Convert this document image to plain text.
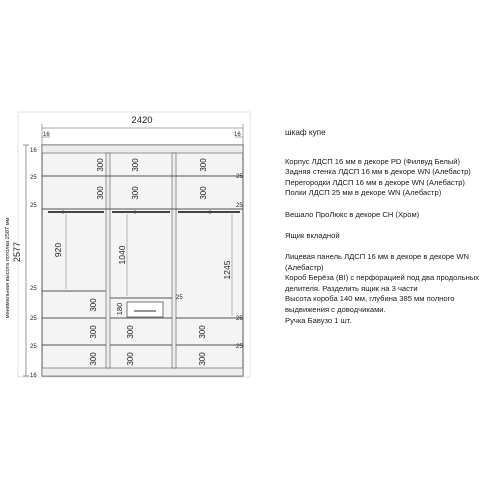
2577
минимальная высота потолка 2587 мм
2420
16	16
16
16
25
25
25
25
25
25
25
25
25
25
300	300	300
300	300	300
300
300
300
300
300
300
300
920	1040
1245
180
шкаф купе
Корпус ЛДСП 16 мм в декоре PD (Филвуд Белый)
Задняя стенка ЛДСП 16 мм в декоре WN (Алебастр)
Перегородки ЛДСП 16 мм в декоре WN (Алебастр)
Полки ЛДСП 25 мм в декоре WN (Алебастр)
Вешало ПроЛюкс в декоре СН (Хром)
Ящик вкладной
Лицевая панель ЛДСП 16 мм в декоре в декоре WN (Алебастр)
Короб Берёза (BI) с перфорацией под два продольных делителя. Разделить ящик на 3 части
Высота короба 140 мм, глубина 385 мм полного выдвижения с доводчиками.
Ручка Бавузо 1 шт.
